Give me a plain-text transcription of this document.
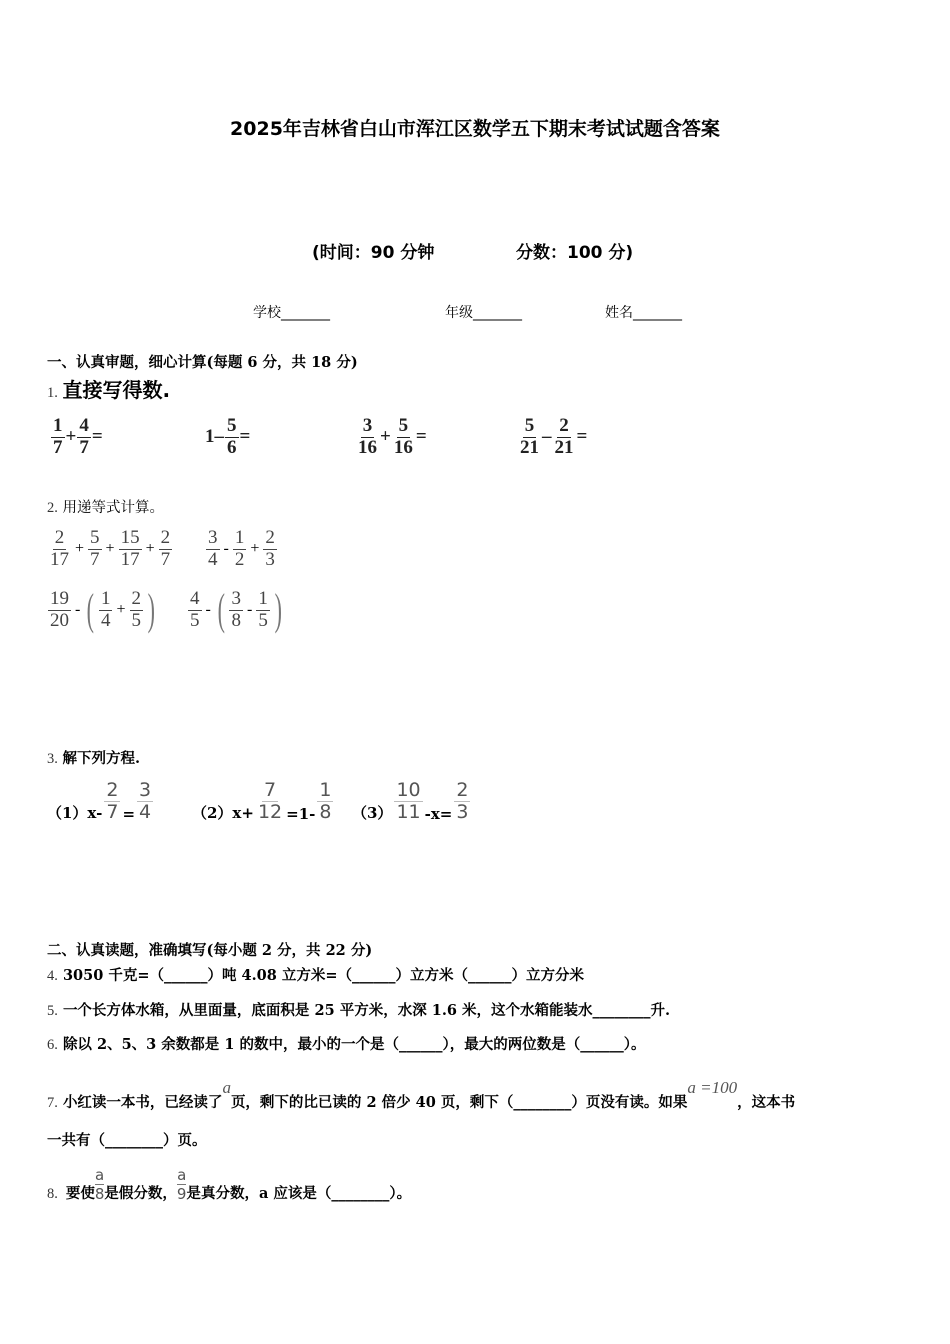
2025年吉林省白山市浑江区数学五下期末考试试题含答案
(时间：90 分钟	分数：100 分)
学校_______	年级_______	姓名_______
一、认真审题，细心计算(每题 6 分，共 18 分)
1. 直接写得数.
$\frac{1}{7} + \frac{4}{7}$ =	$1- \frac{5}{6}$ =	$\frac{3}{16} + \frac{5}{16}$ =	$\frac{5}{21} - \frac{2}{21}$ =
2. 用递等式计算。
$\frac{2}{17} + \frac{5}{7} + \frac{15}{17} + \frac{2}{7} \frac{3}{4} - \frac{1}{2} + \frac{2}{3}$
$\frac{19}{20}$ - ( $\frac{1}{4} + \frac{2}{5}$ ) $\frac{4}{5}$ - ( $\frac{3}{8} - \frac{1}{5}$ )
3. 解下列方程.
$(1)x- \frac{2}{7} = \frac{3}{4}$	$(2)x+ \frac{7}{12} =1- \frac{1}{8} (3) \frac{10}{11} -x= \frac{2}{3}$
二、认真读题，准确填写(每小题 2 分，共 22 分)
4. 3050 千克=（______）吨 4.08 立方米=（______）立方米（______）立方分米
5. 一个长方体水箱，从里面量，底面积是 25 平方米，水深 1.6 米，这个水箱能装水________升.
6. 除以 2、5、3 余数都是 1 的数中，最小的一个是（______），最大的两位数是（______）。
7. 小红读一本书，已经读了a页，剩下的比已读的 2 倍少 40 页，剩下（________）页没有读。如果a =100，这本书
一共有（________）页。
8. 要使 $\frac{a}{8}$ 是假分数， $\frac{a}{9}$ 是真分数，a 应该是（________）。
